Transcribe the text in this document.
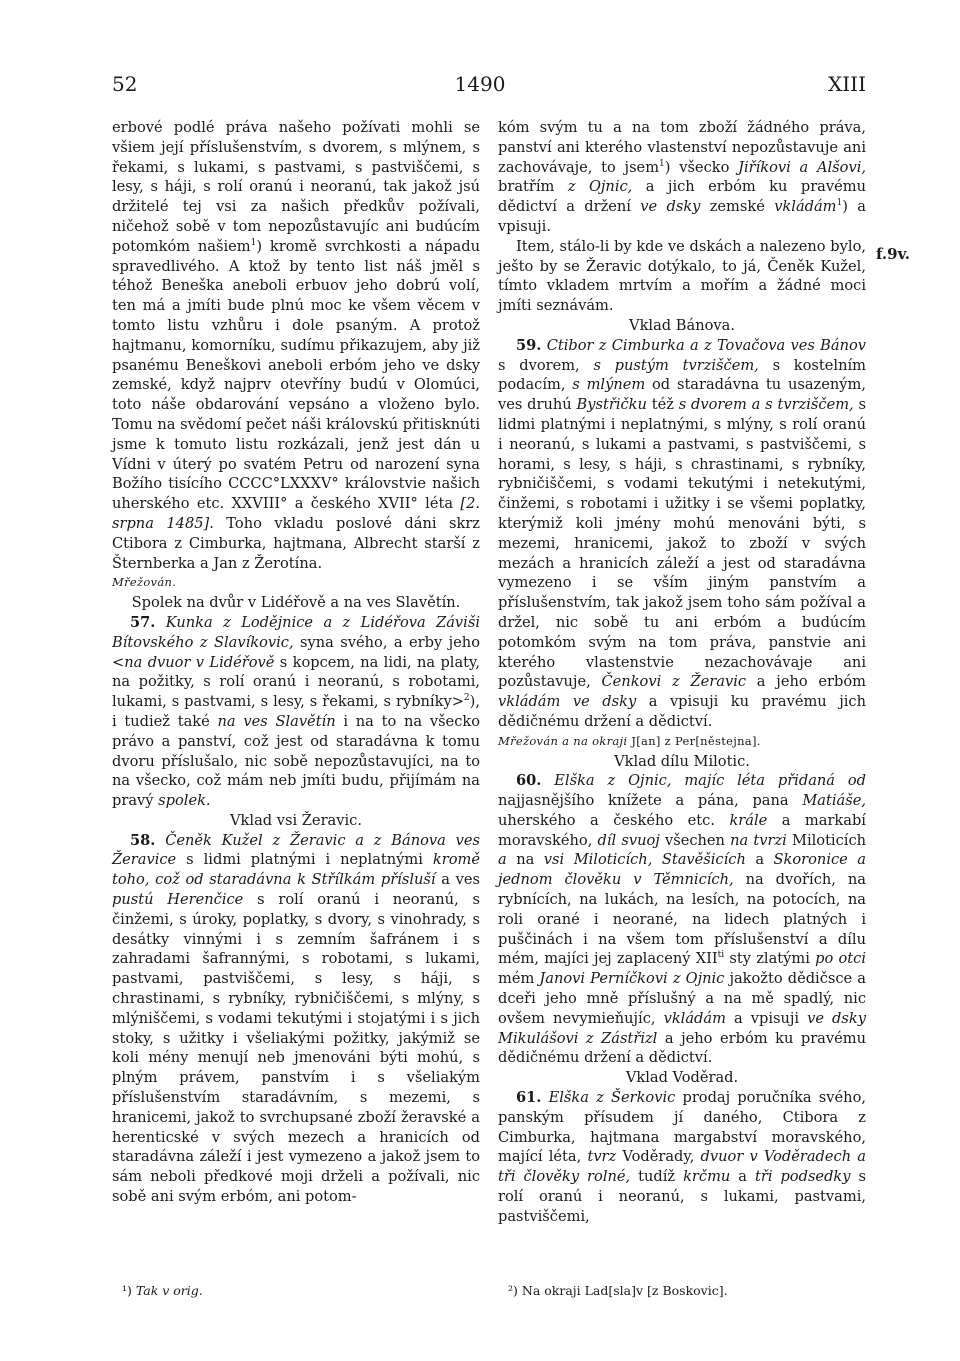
52	1490	XIII
f.9v.

erbové podlé práva našeho požívati mohli se všiem její příslušenstvím, s dvorem, s mlýnem, s řekami, s lukami, s pastvami, s pastviščemi, s lesy, s háji, s rolí oranú i neoranú, tak jakož jsú držitelé tej vsi za našich předkův požívali, ničehož sobě v tom nepozůstavujíc ani budúcím potomkóm našiem$^1$) kromě svrchkosti a nápadu spravedlivého. A ktož by tento list náš jměl s téhož Beneška aneboli erbuov jeho dobrú volí, ten má a jmíti bude plnú moc ke všem věcem v tomto listu vzhůru i dole psaným. A protož hajtmanu, komorníku, sudímu přikazujem, aby již psanému Beneškovi aneboli erbóm jeho ve dsky zemské, když najprv otevříny budú v Olomúci, toto náše obdarování vepsáno a vloženo bylo. Tomu na svědomí pečet náši královskú přitisknúti jsme k tomuto listu rozkázali, jenž jest dán u Vídni v úterý po svatém Petru od narození syna Božího tisícího CCCC°LXXXV° královstvie našich uherského etc. XXVIII° a českého XVII° léta [2. srpna 1485]. Toho vkladu poslové dáni skrz Ctibora z Cimburka, hajtmana, Albrecht starší z Šternberka a Jan z Žerotína.

Mřežován.

Spolek na dvůr v Lidéřově a na ves Slavětín.

57. Kunka z Lodějnice a z Lidéřova Záviši Bítovského z Slavíkovic, syna svého, a erby jeho <na dvuor v Lidéřově s kopcem, na lidi, na platy, na požitky, s rolí oranú i neoranú, s robotami, lukami, s pastvami, s lesy, s řekami, s rybníky>$^2$), i tudiež také na ves Slavětín i na to na všecko právo a panství, což jest od staradávna k tomu dvoru příslušalo, nic sobě nepozůstavujíci, na to na všecko, což mám neb jmíti budu, přijímám na pravý spolek.

Vklad vsi Žeravic.

58. Čeněk Kužel z Žeravic a z Bánova ves Žeravice s lidmi platnými i neplatnými kromě toho, což od staradávna k Střílkám přísluší a ves pustú Herenčice s rolí oranú i neoranú, s činžemi, s úroky, poplatky, s dvory, s vinohrady, s desátky vinnými i s zemním šafránem i s zahradami šafrannými, s robotami, s lukami, pastvami, pastviščemi, s lesy, s háji, s chrastinami, s rybníky, rybničiščemi, s mlýny, s mlýniščemi, s vodami tekutými i stojatými i s jich stoky, s užitky i všeliakými požitky, jakýmiž se koli mény menují neb jmenováni býti mohú, s plným právem, panstvím i s všeliakým příslušenstvím staradávním, s mezemi, s hranicemi, jakož to svrchupsané zboží žeravské a herenticské v svých mezech a hranicích od staradávna záleží i jest vymezeno a jakož jsem to sám neboli předkové moji drželi a požívali, nic sobě ani svým erbóm, ani potom-

kóm svým tu a na tom zboží žádného práva, panství ani kterého vlastenství nepozůstavuje ani zachovávaje, to jsem$^1$) všecko Jiříkovi a Alšovi, bratřím z Ojnic, a jich erbóm ku pravému dědictví a držení ve dsky zemské vkládám$^1$) a vpisuji.

Item, stálo-li by kde ve dskách a nalezeno bylo, ješto by se Žeravic dotýkalo, to já, Čeněk Kužel, tímto vkladem mrtvím a mořím a žádné moci jmíti seznávám.

Vklad Bánova.

59. Ctibor z Cimburka a z Tovačova ves Bánov s dvorem, s pustým tvrziščem, s kostelním podacím, s mlýnem od staradávna tu usazeným, ves druhú Bystřičku též s dvorem a s tvrziščem, s lidmi platnými i neplatnými, s mlýny, s rolí oranú i neoranú, s lukami a pastvami, s pastviščemi, s horami, s lesy, s háji, s chrastinami, s rybníky, rybničiščemi, s vodami tekutými i netekutými, činžemi, s robotami i užitky i se všemi poplatky, kterýmiž koli jmény mohú menováni býti, s mezemi, hranicemi, jakož to zboží v svých mezách a hranicích záleží a jest od staradávna vymezeno i se vším jiným panstvím a příslušenstvím, tak jakož jsem toho sám požíval a držel, nic sobě tu ani erbóm a budúcím potomkóm svým na tom práva, panstvie ani kterého vlastenstvie nezachovávaje ani pozůstavuje, Čenkovi z Žeravic a jeho erbóm vkládám ve dsky a vpisuji ku pravému jich dědičnému držení a dědictví.

Mřežován a na okraji J[an] z Per[něstejna].

Vklad dílu Milotic.

60. Elška z Ojnic, majíc léta přidaná od najjasnějšího knížete a pána, pana Matiáše, uherského a českého etc. krále a markabí moravského, díl svuoj všechen na tvrzi Miloticích a na vsi Miloticích, Stavěšicích a Skoronice a jednom člověku v Těmnicích, na dvořích, na rybnících, na lukách, na lesích, na potocích, na roli orané i neorané, na lidech platných i puščinách i na všem tom příslušenství a dílu mém, majíci jej zaplacený $XII^{ti}$ sty zlatými po otci mém Janovi Perníčkovi z Ojnic jakožto dědičsce a dceři jeho mně příslušný a na mě spadlý, nic ovšem nevymieňujíc, vkládám a vpisuji ve dsky Mikulášovi z Zástřizl a jeho erbóm ku pravému dědičnému držení a dědictví.

Vklad Voděrad.

61. Elška z Šerkovic prodaj poručníka svého, panským přísudem jí daného, Ctibora z Cimburka, hajtmana margabství moravského, mající léta, tvrz Voděrady, dvuor v Voděradech a tři člověky rolné, tudíž krčmu a tři podsedky s rolí oranú i neoranú, s lukami, pastvami, pastviščemi,

¹) Tak v orig.	²) Na okraji Lad[sla]v [z Boskovic].
